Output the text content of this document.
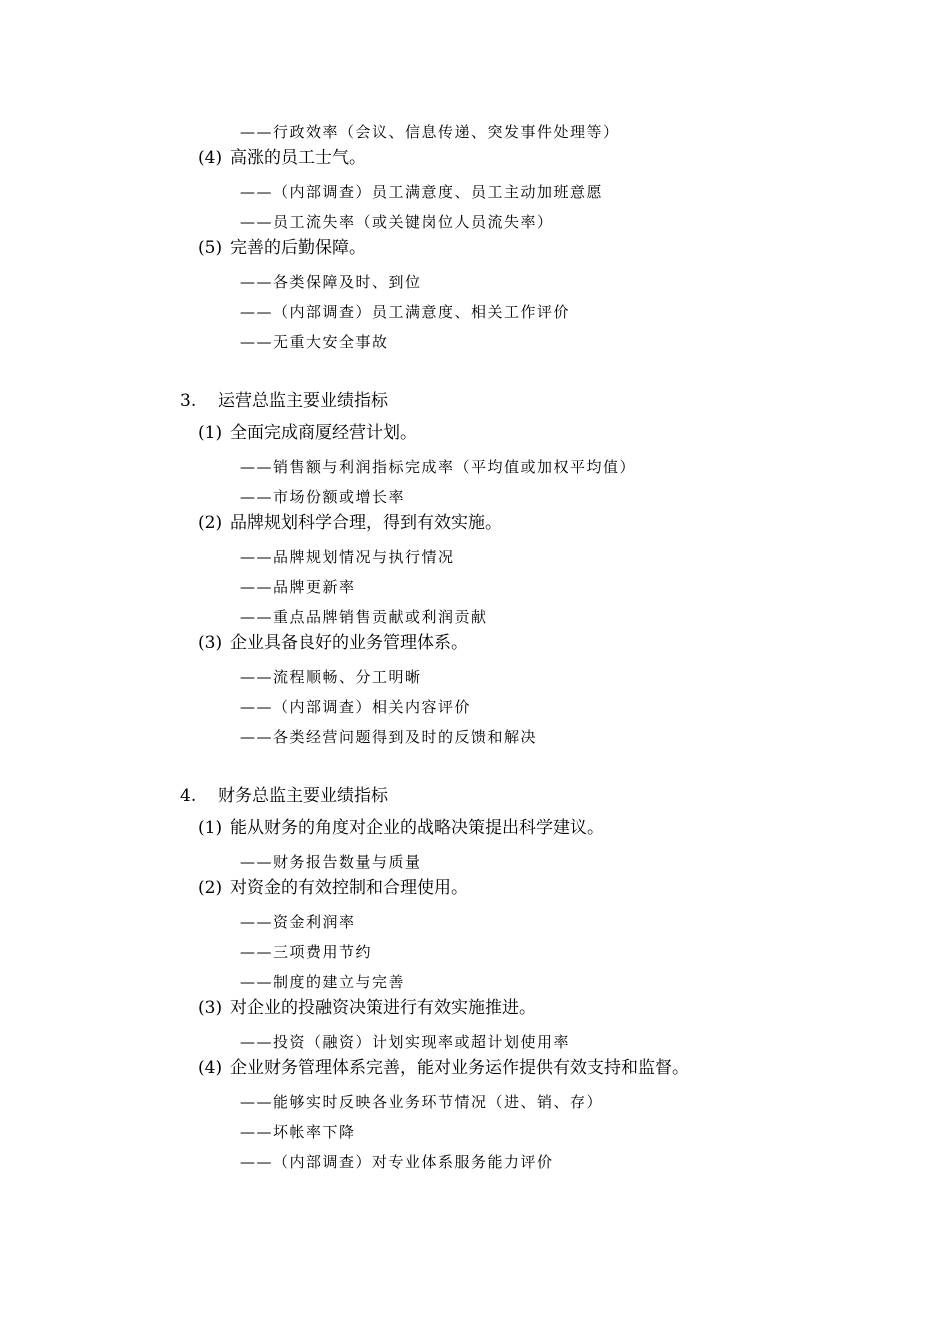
——行政效率（会议、信息传递、突发事件处理等）
(4) 高涨的员工士气。
——（内部调查）员工满意度、员工主动加班意愿
——员工流失率（或关键岗位人员流失率）
(5) 完善的后勤保障。
——各类保障及时、到位
——（内部调查）员工满意度、相关工作评价
——无重大安全事故
3. 运营总监主要业绩指标
(1) 全面完成商厦经营计划。
——销售额与利润指标完成率（平均值或加权平均值）
——市场份额或增长率
(2) 品牌规划科学合理，得到有效实施。
——品牌规划情况与执行情况
——品牌更新率
——重点品牌销售贡献或利润贡献
(3) 企业具备良好的业务管理体系。
——流程顺畅、分工明晰
——（内部调查）相关内容评价
——各类经营问题得到及时的反馈和解决
4. 财务总监主要业绩指标
(1) 能从财务的角度对企业的战略决策提出科学建议。
——财务报告数量与质量
(2) 对资金的有效控制和合理使用。
——资金利润率
——三项费用节约
——制度的建立与完善
(3) 对企业的投融资决策进行有效实施推进。
——投资（融资）计划实现率或超计划使用率
(4) 企业财务管理体系完善，能对业务运作提供有效支持和监督。
——能够实时反映各业务环节情况（进、销、存）
——坏帐率下降
——（内部调查）对专业体系服务能力评价
